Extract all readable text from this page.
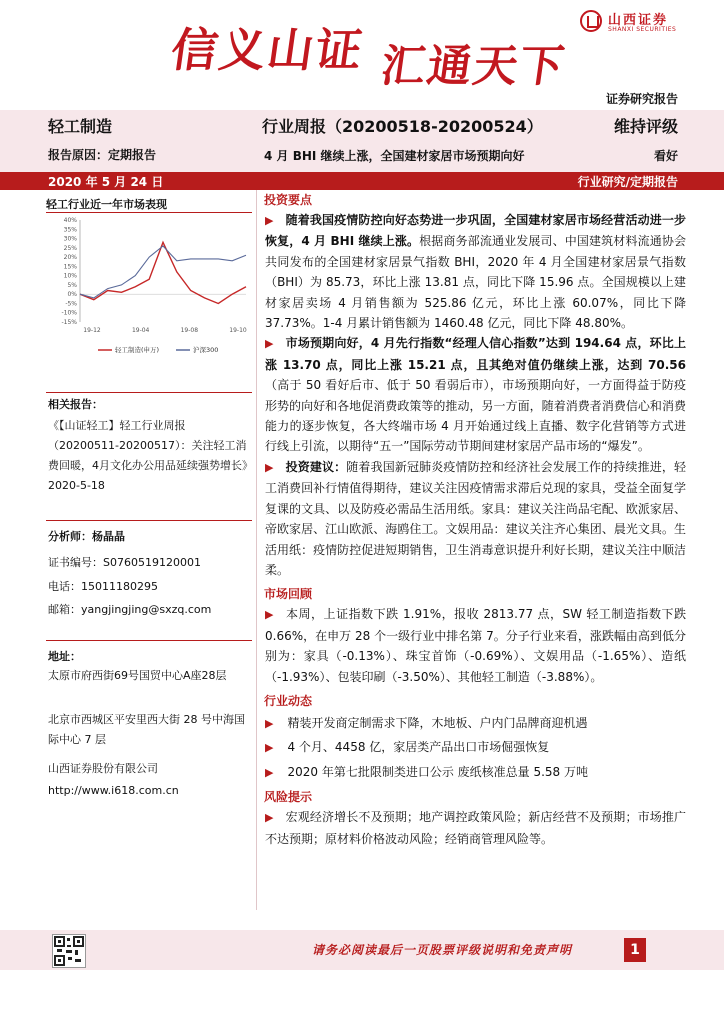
信义山证 汇通天下
山西证券
SHANXI SECURITIES
证券研究报告
轻工制造	行业周报（20200518-20200524）	维持评级
报告原因：定期报告	4 月 BHI 继续上涨，全国建材家居市场预期向好	看好
2020 年 5 月 24 日	行业研究/定期报告
轻工行业近一年市场表现
40%
35%
30%
25%
20%
15%
10%
5%
0%
-5%
-10%
-15%
19-12	19-04	19-08	19-10
轻工制造(申万)	沪深300
相关报告：
《【山证轻工】轻工行业周报（20200511-20200517）：关注轻工消费回暖，4月文化办公用品延续强势增长》2020-5-18
分析师：杨晶晶
证书编号：S0760519120001
电话：15011180295
邮箱：yangjingjing@sxzq.com
地址：
太原市府西街69号国贸中心A座28层
北京市西城区平安里西大街 28 号中海国际中心 7 层
山西证券股份有限公司
http://www.i618.com.cn
投资要点
▶ 随着我国疫情防控向好态势进一步巩固，全国建材家居市场经营活动进一步恢复，4 月 BHI 继续上涨。根据商务部流通业发展司、中国建筑材料流通协会共同发布的全国建材家居景气指数 BHI，2020 年 4 月全国建材家居景气指数（BHI）为 85.73，环比上涨 13.81 点，同比下降 15.96 点。全国规模以上建材家居卖场 4 月销售额为 525.86 亿元，环比上涨 60.07%，同比下降 37.73%。1-4 月累计销售额为 1460.48 亿元，同比下降 48.80%。
▶ 市场预期向好，4 月先行指数“经理人信心指数”达到 194.64 点，环比上涨 13.70 点，同比上涨 15.21 点，且其绝对值仍继续上涨，达到 70.56（高于 50 看好后市、低于 50 看弱后市），市场预期向好，一方面得益于防疫形势的向好和各地促消费政策等的推动，另一方面，随着消费者消费信心和消费能力的逐步恢复，各大终端市场 4 月开始通过线上直播、数字化营销等方式进行线上引流，以期待“五一”国际劳动节期间建材家居产品市场的“爆发”。
▶ 投资建议：随着我国新冠肺炎疫情防控和经济社会发展工作的持续推进，轻工消费回补行情值得期待，建议关注因疫情需求滞后兑现的家具，受益全面复学复课的文具、以及防疫必需品生活用纸。家具：建议关注尚品宅配、欧派家居、帝欧家居、江山欧派、海鸥住工。文娱用品：建议关注齐心集团、晨光文具。生活用纸：疫情防控促进短期销售，卫生消毒意识提升利好长期，建议关注中顺洁柔。
市场回顾
▶ 本周，上证指数下跌 1.91%，报收 2813.77 点，SW 轻工制造指数下跌 0.66%，在申万 28 个一级行业中排名第 7。分子行业来看，涨跌幅由高到低分别为：家具（-0.13%）、珠宝首饰（-0.69%）、文娱用品（-1.65%）、造纸（-1.93%）、包装印刷（-3.50%）、其他轻工制造（-3.88%）。
行业动态
▶ 精装开发商定制需求下降，木地板、户内门品牌商迎机遇
▶ 4 个月、4458 亿，家居类产品出口市场倔强恢复
▶ 2020 年第七批限制类进口公示 废纸核准总量 5.58 万吨
风险提示
▶ 宏观经济增长不及预期；地产调控政策风险；新店经营不及预期；市场推广不达预期；原材料价格波动风险；经销商管理风险等。
请务必阅读最后一页股票评级说明和免责声明	1
